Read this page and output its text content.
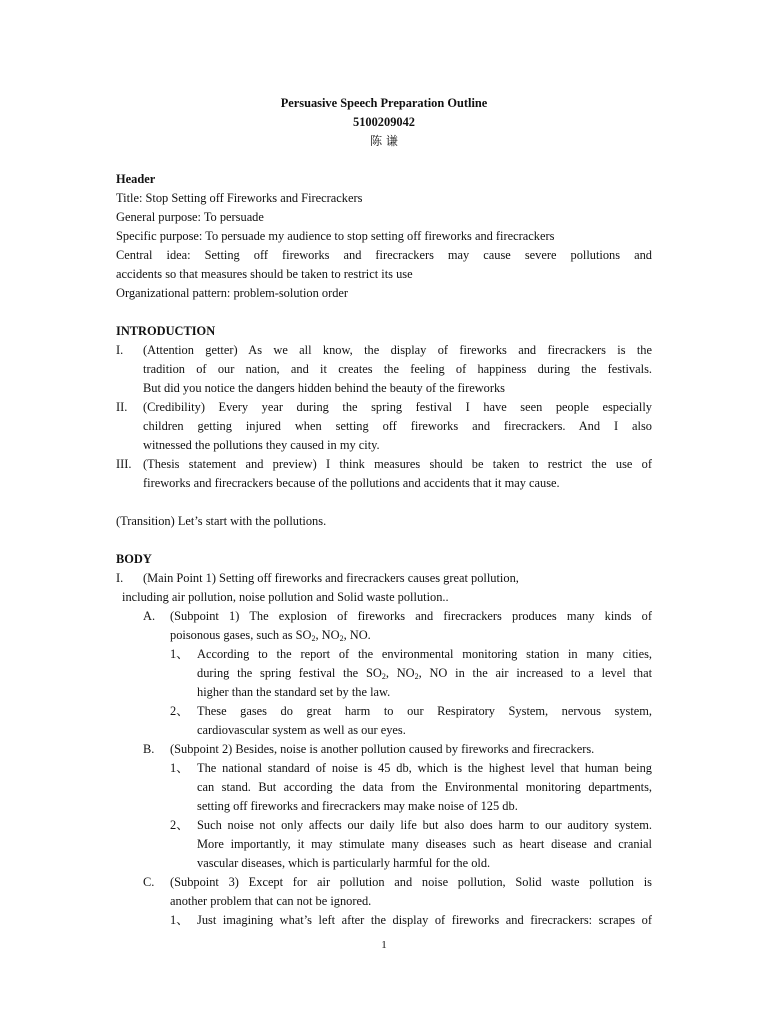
Persuasive Speech Preparation Outline
5100209042
陈 谦
Header
Title: Stop Setting off Fireworks and Firecrackers
General purpose: To persuade
Specific purpose: To persuade my audience to stop setting off fireworks and firecrackers
Central idea: Setting off fireworks and firecrackers may cause severe pollutions and
accidents so that measures should be taken to restrict its use
Organizational pattern: problem-solution order
INTRODUCTION
I. (Attention getter) As we all know, the display of fireworks and firecrackers is the
tradition of our nation, and it creates the feeling of happiness during the festivals.
But did you notice the dangers hidden behind the beauty of the fireworks
II. (Credibility) Every year during the spring festival I have seen people especially
children getting injured when setting off fireworks and firecrackers. And I also
witnessed the pollutions they caused in my city.
III. (Thesis statement and preview) I think measures should be taken to restrict the use of
fireworks and firecrackers because of the pollutions and accidents that it may cause.
(Transition) Let’s start with the pollutions.
BODY
I. (Main Point 1) Setting off fireworks and firecrackers causes great pollution,
including air pollution, noise pollution and Solid waste pollution..
A. (Subpoint 1) The explosion of fireworks and firecrackers produces many kinds of
poisonous gases, such as $SO_2$, $NO_2$, NO.
1、 According to the report of the environmental monitoring station in many cities,
during the spring festival the $SO_2$, $NO_2$, NO in the air increased to a level that
higher than the standard set by the law.
2、 These gases do great harm to our Respiratory System, nervous system,
cardiovascular system as well as our eyes.
B. (Subpoint 2) Besides, noise is another pollution caused by fireworks and firecrackers.
1、 The national standard of noise is 45 db, which is the highest level that human being
can stand. But according the data from the Environmental monitoring departments,
setting off fireworks and firecrackers may make noise of 125 db.
2、 Such noise not only affects our daily life but also does harm to our auditory system.
More importantly, it may stimulate many diseases such as heart disease and cranial
vascular diseases, which is particularly harmful for the old.
C. (Subpoint 3) Except for air pollution and noise pollution, Solid waste pollution is
another problem that can not be ignored.
1、 Just imagining what’s left after the display of fireworks and firecrackers: scrapes of
1
